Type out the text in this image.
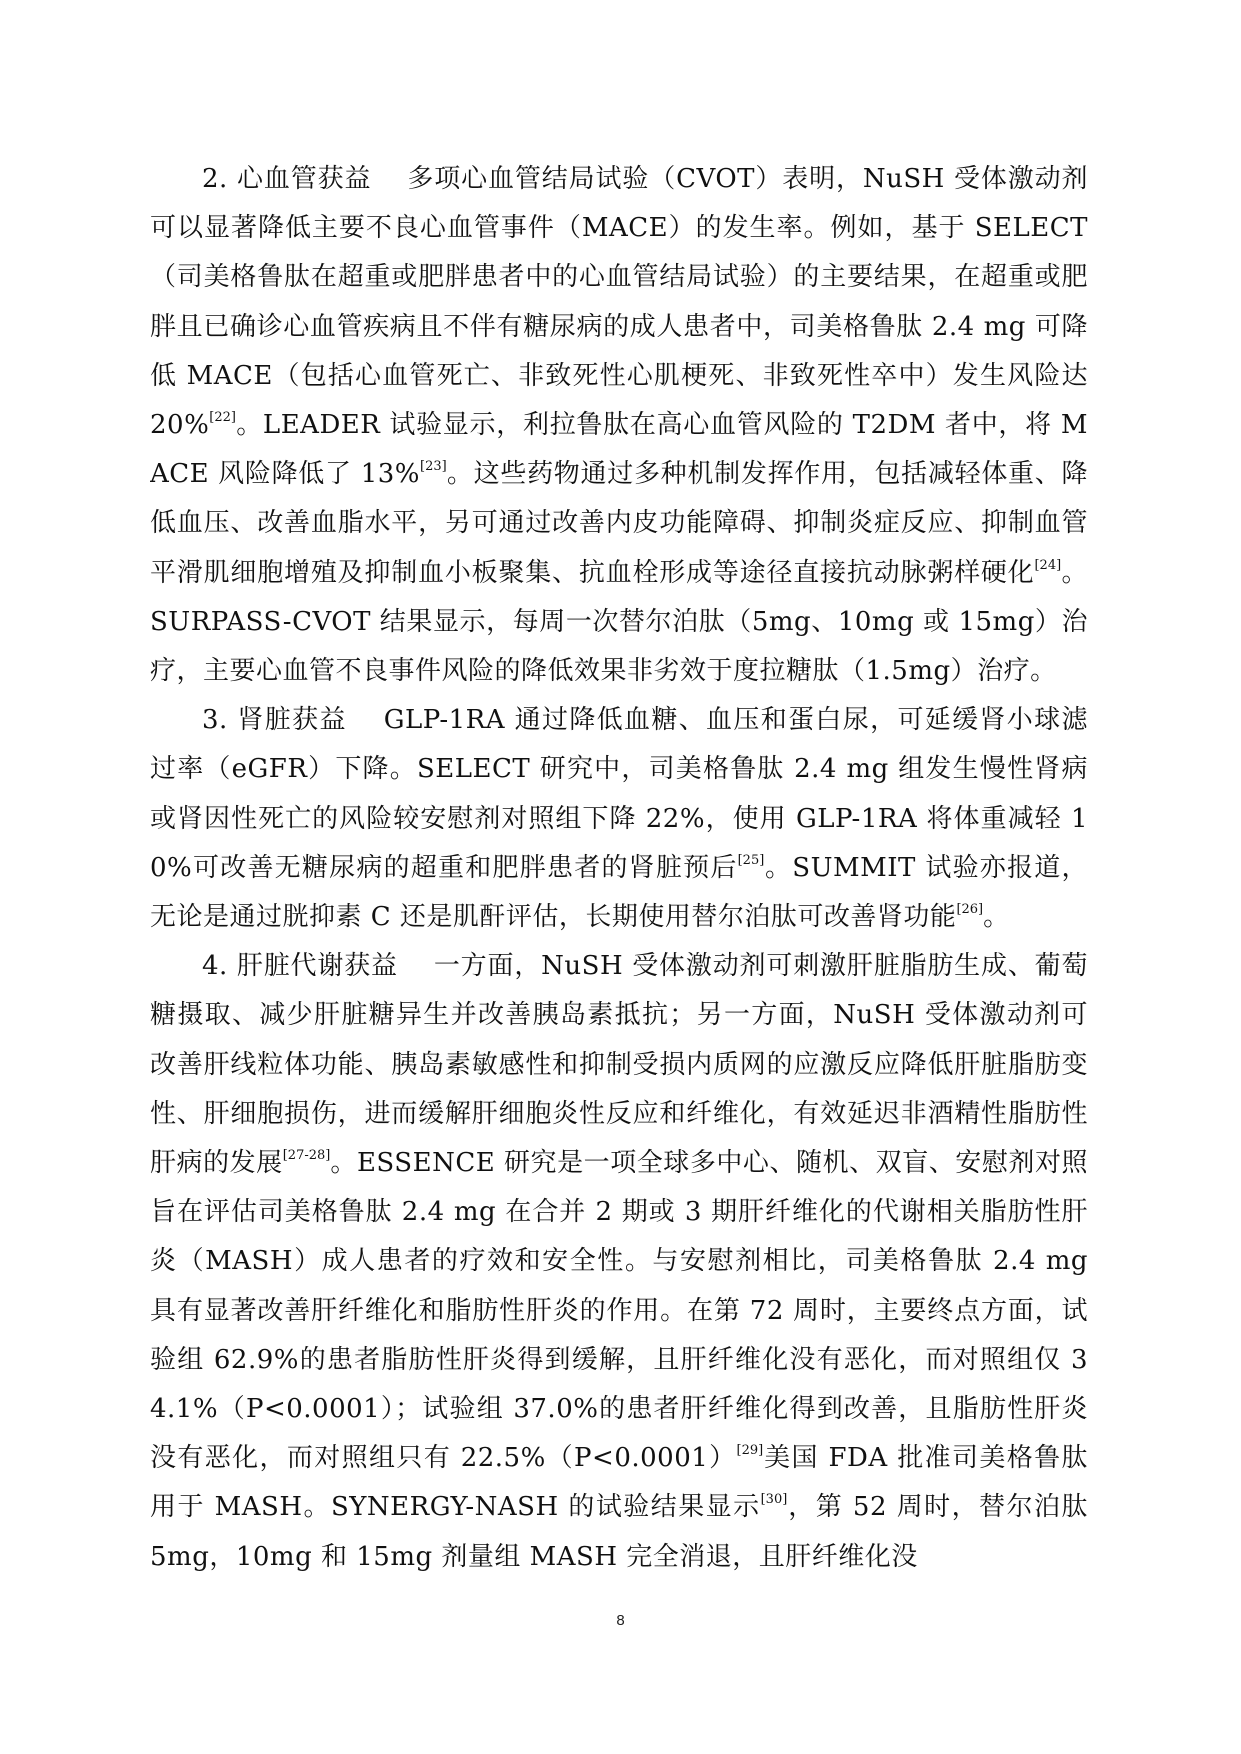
2. 心血管获益　 多项心血管结局试验（CVOT）表明，NuSH 受体激动剂可以显著降低主要不良心血管事件（MACE）的发生率。例如，基于 SELECT（司美格鲁肽在超重或肥胖患者中的心血管结局试验）的主要结果，在超重或肥胖且已确诊心血管疾病且不伴有糖尿病的成人患者中，司美格鲁肽 2.4 mg 可降低 MACE（包括心血管死亡、非致死性心肌梗死、非致死性卒中）发生风险达 20%[22]。LEADER 试验显示，利拉鲁肽在高心血管风险的 T2DM 者中，将 MACE 风险降低了 13%[23]。这些药物通过多种机制发挥作用，包括减轻体重、降低血压、改善血脂水平，另可通过改善内皮功能障碍、抑制炎症反应、抑制血管平滑肌细胞增殖及抑制血小板聚集、抗血栓形成等途径直接抗动脉粥样硬化[24]。SURPASS-CVOT 结果显示，每周一次替尔泊肽（5mg、10mg 或 15mg）治疗，主要心血管不良事件风险的降低效果非劣效于度拉糖肽（1.5mg）治疗。

3. 肾脏获益　 GLP-1RA 通过降低血糖、血压和蛋白尿，可延缓肾小球滤过率（eGFR）下降。SELECT 研究中，司美格鲁肽 2.4 mg 组发生慢性肾病或肾因性死亡的风险较安慰剂对照组下降 22%，使用 GLP-1RA 将体重减轻 10%可改善无糖尿病的超重和肥胖患者的肾脏预后[25]。SUMMIT 试验亦报道，无论是通过胱抑素 C 还是肌酐评估，长期使用替尔泊肽可改善肾功能[26]。

4. 肝脏代谢获益　 一方面，NuSH 受体激动剂可刺激肝脏脂肪生成、葡萄糖摄取、减少肝脏糖异生并改善胰岛素抵抗；另一方面，NuSH 受体激动剂可改善肝线粒体功能、胰岛素敏感性和抑制受损内质网的应激反应降低肝脏脂肪变性、肝细胞损伤，进而缓解肝细胞炎性反应和纤维化，有效延迟非酒精性脂肪性肝病的发展[27-28]。ESSENCE 研究是一项全球多中心、随机、双盲、安慰剂对照旨在评估司美格鲁肽 2.4 mg 在合并 2 期或 3 期肝纤维化的代谢相关脂肪性肝炎（MASH）成人患者的疗效和安全性。与安慰剂相比，司美格鲁肽 2.4 mg 具有显著改善肝纤维化和脂肪性肝炎的作用。在第 72 周时，主要终点方面，试验组 62.9%的患者脂肪性肝炎得到缓解，且肝纤维化没有恶化，而对照组仅 34.1%（P<0.0001）；试验组 37.0%的患者肝纤维化得到改善，且脂肪性肝炎没有恶化，而对照组只有 22.5%（P<0.0001）[29]美国 FDA 批准司美格鲁肽用于 MASH。SYNERGY-NASH 的试验结果显示[30]，第 52 周时，替尔泊肽 5mg，10mg 和 15mg 剂量组 MASH 完全消退，且肝纤维化没

8
